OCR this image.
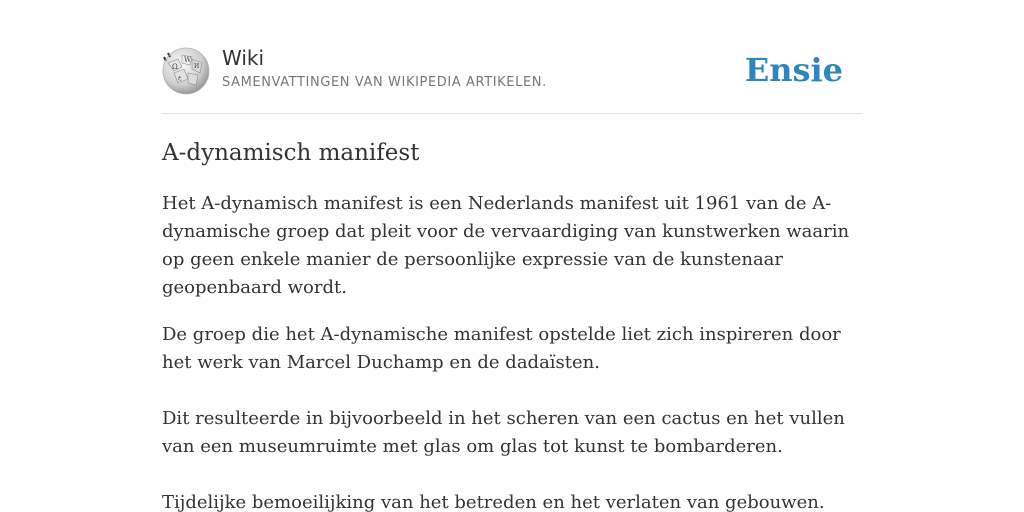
Ω
W
И
ع
Wiki
SAMENVATTINGEN VAN WIKIPEDIA ARTIKELEN.	Ensie
A-dynamisch manifest

Het A-dynamisch manifest is een Nederlands manifest uit 1961 van de A-dynamische groep dat pleit voor de vervaardiging van kunstwerken waarin op geen enkele manier de persoonlijke expressie van de kunstenaar geopenbaard wordt.

De groep die het A-dynamische manifest opstelde liet zich inspireren door het werk van Marcel Duchamp en de dadaïsten.

Dit resulteerde in bijvoorbeeld in het scheren van een cactus en het vullen van een museumruimte met glas om glas tot kunst te bombarderen.

Tijdelijke bemoeilijking van het betreden en het verlaten van gebouwen.
